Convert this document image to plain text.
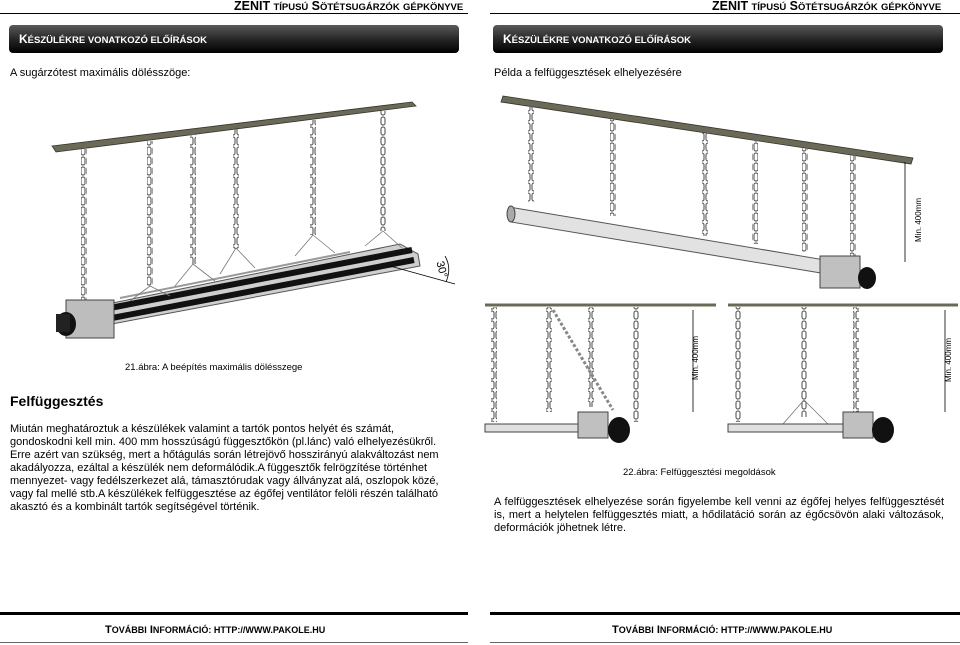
ZENIT TÍPUSÚ SÖTÉTSUGÁRZÓK GÉPKÖNYVE	ZENIT TÍPUSÚ SÖTÉTSUGÁRZÓK GÉPKÖNYVE
KÉSZÜLÉKRE VONATKOZÓ ELŐÍRÁSOK	KÉSZÜLÉKRE VONATKOZÓ ELŐÍRÁSOK
A sugárzótest maximális dölésszöge:	Példa a felfüggesztések elhelyezésére
30°
21.ábra: A beépítés maximális dölésszege
Felfüggesztés
Miután meghatároztuk a készülékek valamint a tartók pontos helyét és számát, gondoskodni kell min. 400 mm hosszúságú függesztőkön (pl.lánc) való elhelyezésükről. Erre azért van szükség, mert a hőtágulás során létrejövő hosszirányú alakváltozást nem akadályozza, ezáltal a készülék nem deformálódik.A függesztők felrögzítése történhet mennyezet- vagy fedélszerkezet alá, támasztórudak vagy állványzat alá, oszlopok közé, vagy fal mellé stb.A készülékek felfüggesztése az égőfej ventilátor felöli részén található akasztó és a kombinált tartók segítségével történik.
Min. 400mm
Min. 400mm	Min. 400mm
22.ábra: Felfüggesztési megoldások
A felfüggesztések elhelyezése során figyelembe kell venni az égőfej helyes felfüggesztését is, mert a helytelen felfüggesztés miatt, a hődilatáció során az égőcsövön alaki változások, deformációk jöhetnek létre.
TOVÁBBI INFORMÁCIÓ: HTTP://WWW.PAKOLE.HU	TOVÁBBI INFORMÁCIÓ: HTTP://WWW.PAKOLE.HU
